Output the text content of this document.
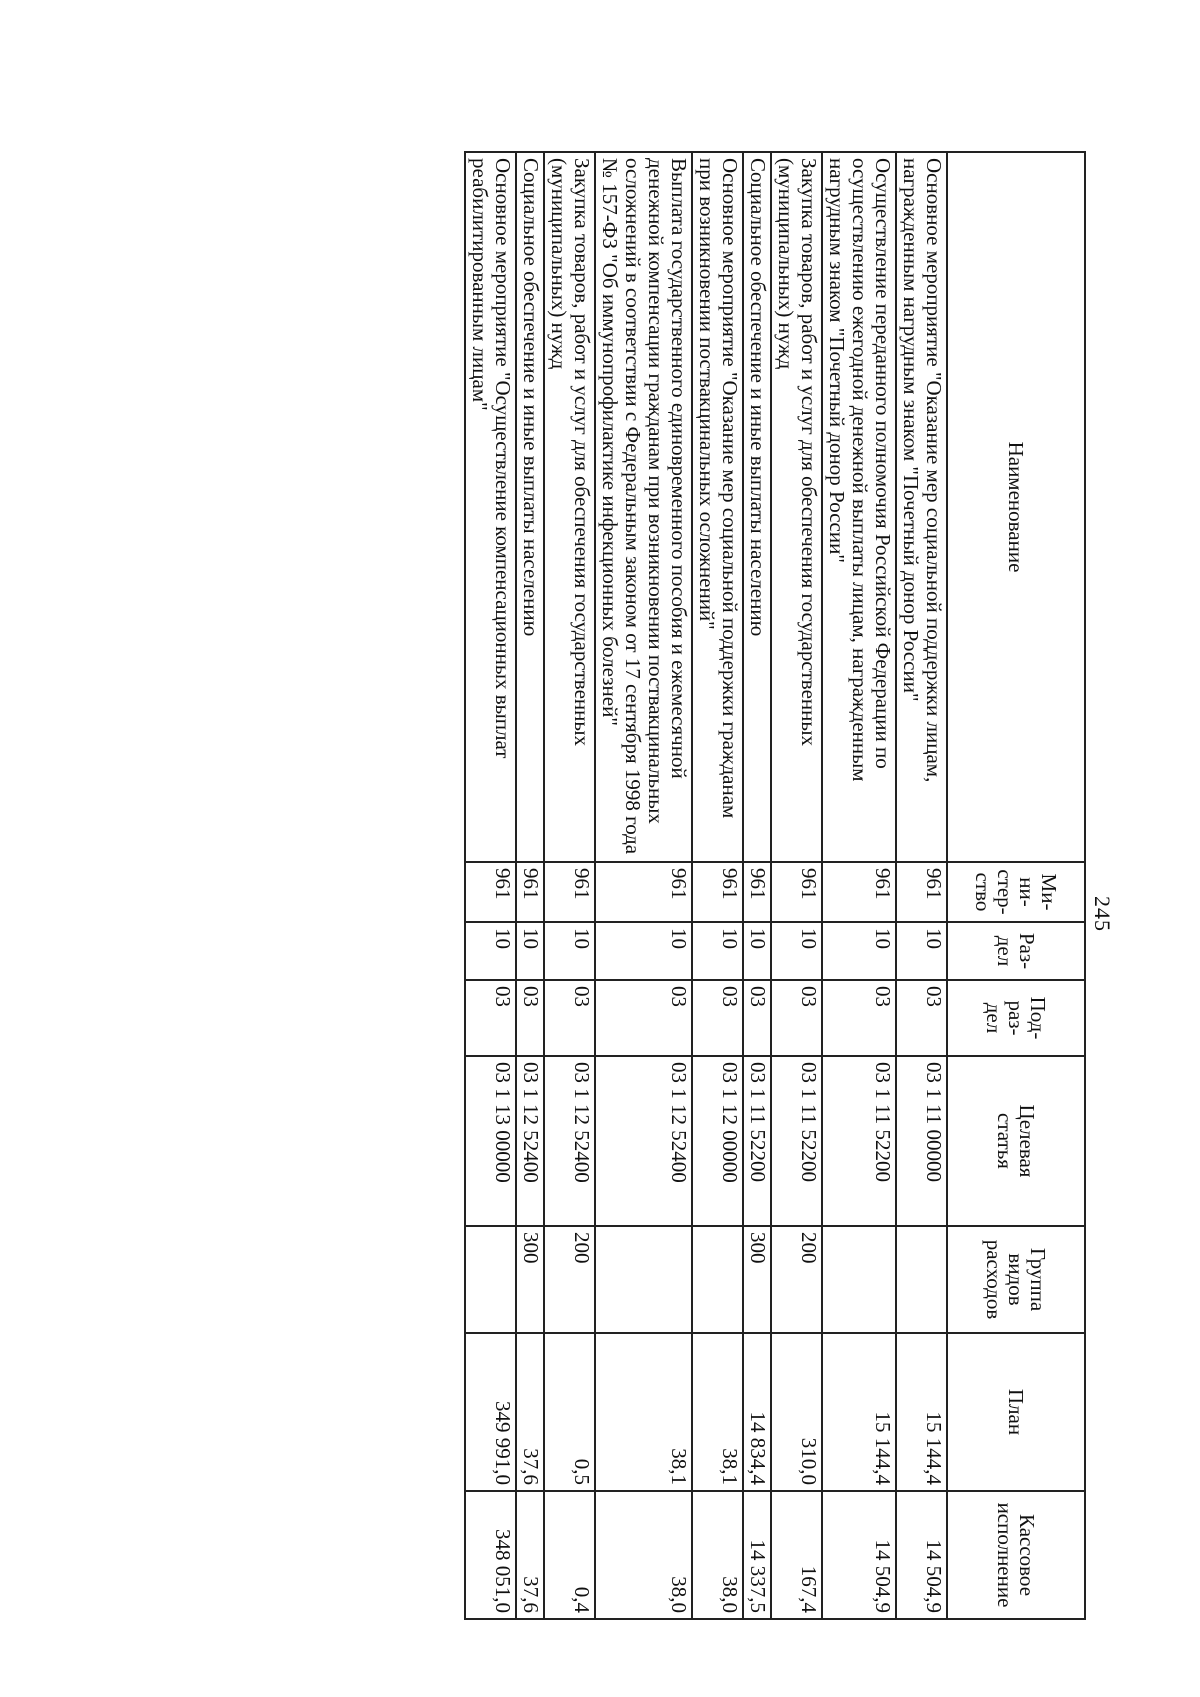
245
Наименование	Ми-
ни-
стер-
ство	Раз-
дел	Под-
раз-
дел	Целевая
статья	Группа
видов
расходов	План	Кассовое
исполнение
Основное мероприятие "Оказание мер социальной поддержки лицам, награжденным нагрудным знаком "Почетный донор России"	961	10	03	03 1 11 00000		15 144,4	14 504,9
Осуществление переданного полномочия Российской Федерации по осуществлению ежегодной денежной выплаты лицам, награжденным нагрудным знаком "Почетный донор России"	961	10	03	03 1 11 52200		15 144,4	14 504,9
Закупка товаров, работ и услуг для обеспечения государственных (муниципальных) нужд	961	10	03	03 1 11 52200	200	310,0	167,4
Социальное обеспечение и иные выплаты населению	961	10	03	03 1 11 52200	300	14 834,4	14 337,5
Основное мероприятие "Оказание мер социальной поддержки гражданам при возникновении поствакцинальных осложнений"	961	10	03	03 1 12 00000		38,1	38,0
Выплата государственного единовременного пособия и ежемесячной денежной компенсации гражданам при возникновении поствакцинальных осложнений в соответствии с Федеральным законом от 17 сентября 1998 года № 157-ФЗ "Об иммунопрофилактике инфекционных болезней"	961	10	03	03 1 12 52400		38,1	38,0
Закупка товаров, работ и услуг для обеспечения государственных (муниципальных) нужд	961	10	03	03 1 12 52400	200	0,5	0,4
Социальное обеспечение и иные выплаты населению	961	10	03	03 1 12 52400	300	37,6	37,6
Основное мероприятие "Осуществление компенсационных выплат реабилитированным лицам"	961	10	03	03 1 13 00000		349 991,0	348 051,0
